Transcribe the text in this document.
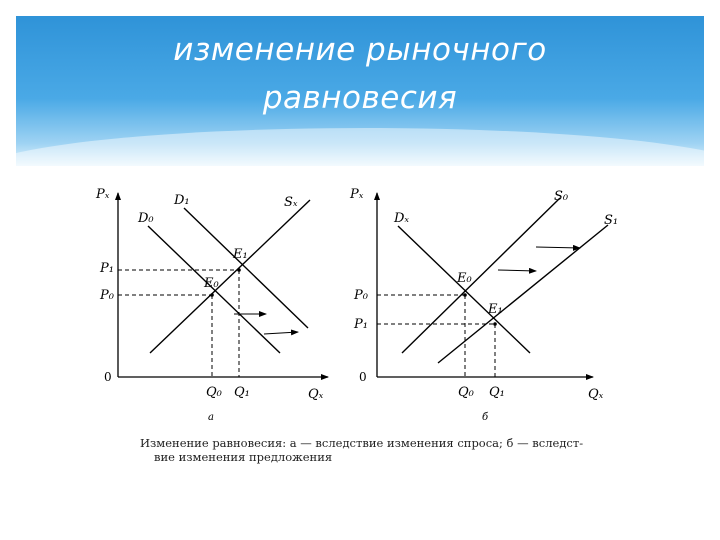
изменение рыночного
равновесия
Pₓ
Qₓ
0
D₀
D₁	Sₓ
E₁
E₀
P₁
P₀
Q₀ Q₁
а
Pₓ
Qₓ
0
Dₓ
S₀
S₁
E₀
E₁
P₀
P₁
Q₀ Q₁
б
Изменение равновесия: а — вследствие изменения спроса; б — вследст-
вие изменения предложения
